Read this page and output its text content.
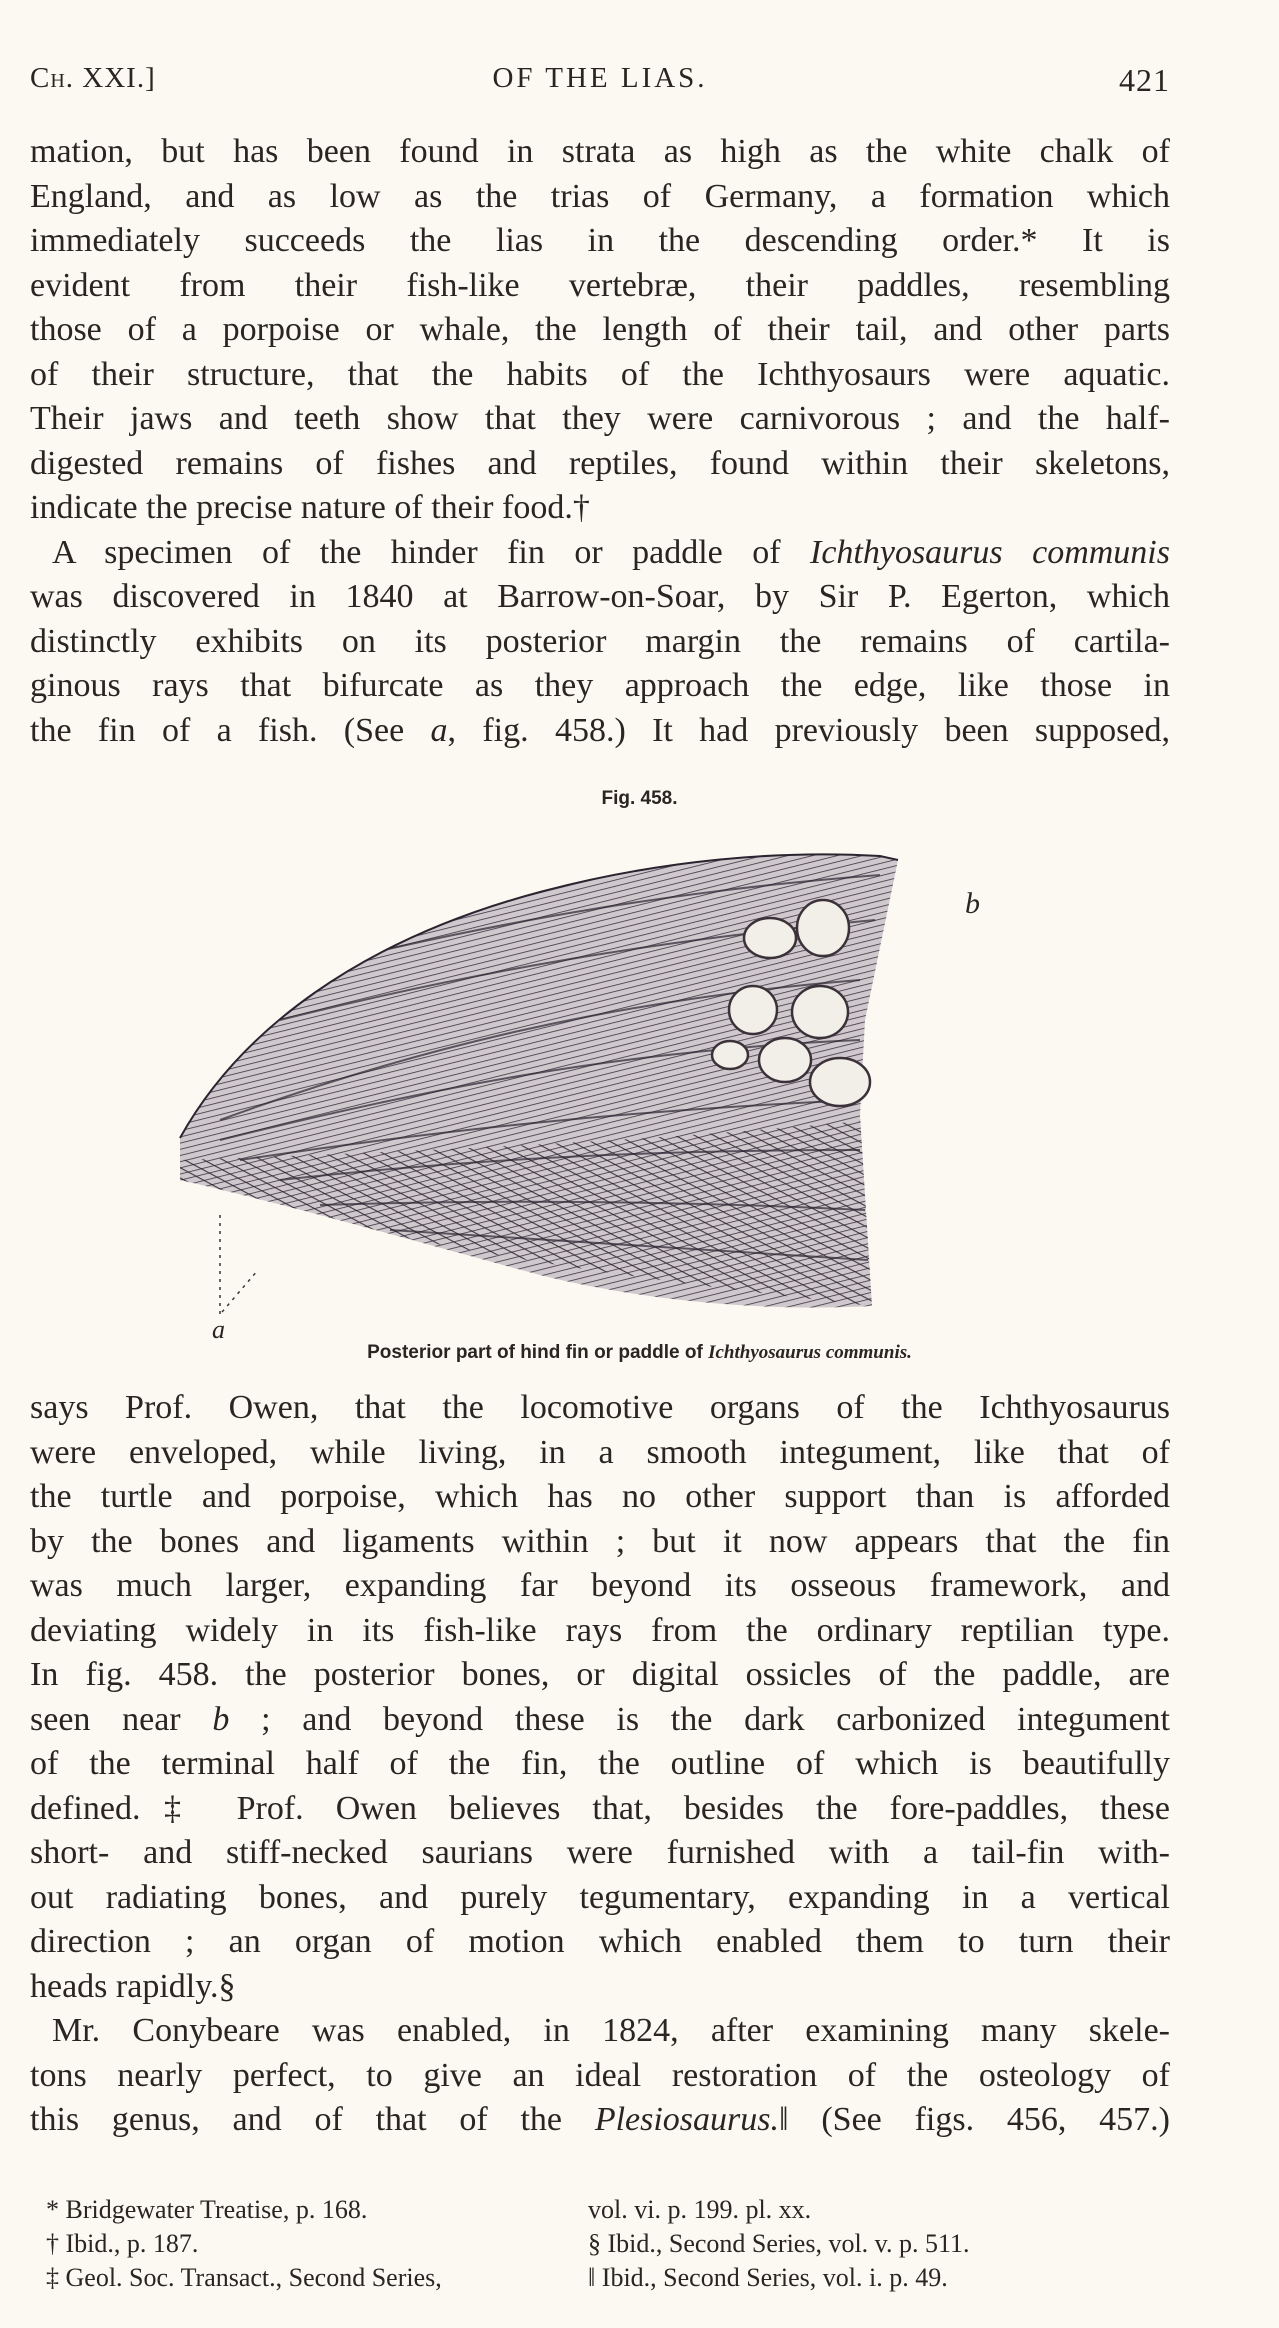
Ch. XXI.]	OF THE LIAS.	421
mation, but has been found in strata as high as the white chalk of
England, and as low as the trias of Germany, a formation which
immediately succeeds the lias in the descending order.* It is
evident from their fish-like vertebræ, their paddles, resembling
those of a porpoise or whale, the length of their tail, and other parts
of their structure, that the habits of the Ichthyosaurs were aquatic.
Their jaws and teeth show that they were carnivorous ; and the half-
digested remains of fishes and reptiles, found within their skeletons,
indicate the precise nature of their food.†
A specimen of the hinder fin or paddle of Ichthyosaurus communis
was discovered in 1840 at Barrow-on-Soar, by Sir P. Egerton, which
distinctly exhibits on its posterior margin the remains of cartila-
ginous rays that bifurcate as they approach the edge, like those in
the fin of a fish. (See a, fig. 458.) It had previously been supposed,
Fig. 458.
a
b
Posterior part of hind fin or paddle of Ichthyosaurus communis.
says Prof. Owen, that the locomotive organs of the Ichthyosaurus
were enveloped, while living, in a smooth integument, like that of
the turtle and porpoise, which has no other support than is afforded
by the bones and ligaments within ; but it now appears that the fin
was much larger, expanding far beyond its osseous framework, and
deviating widely in its fish-like rays from the ordinary reptilian type.
In fig. 458. the posterior bones, or digital ossicles of the paddle, are
seen near b ; and beyond these is the dark carbonized integument
of the terminal half of the fin, the outline of which is beautifully
defined.‡ Prof. Owen believes that, besides the fore-paddles, these
short- and stiff-necked saurians were furnished with a tail-fin with-
out radiating bones, and purely tegumentary, expanding in a vertical
direction ; an organ of motion which enabled them to turn their
heads rapidly.§
Mr. Conybeare was enabled, in 1824, after examining many skele-
tons nearly perfect, to give an ideal restoration of the osteology of
this genus, and of that of the Plesiosaurus.‖ (See figs. 456, 457.)
* Bridgewater Treatise, p. 168.
† Ibid., p. 187.
‡ Geol. Soc. Transact., Second Series,
vol. vi. p. 199. pl. xx.
§ Ibid., Second Series, vol. v. p. 511.
‖ Ibid., Second Series, vol. i. p. 49.
